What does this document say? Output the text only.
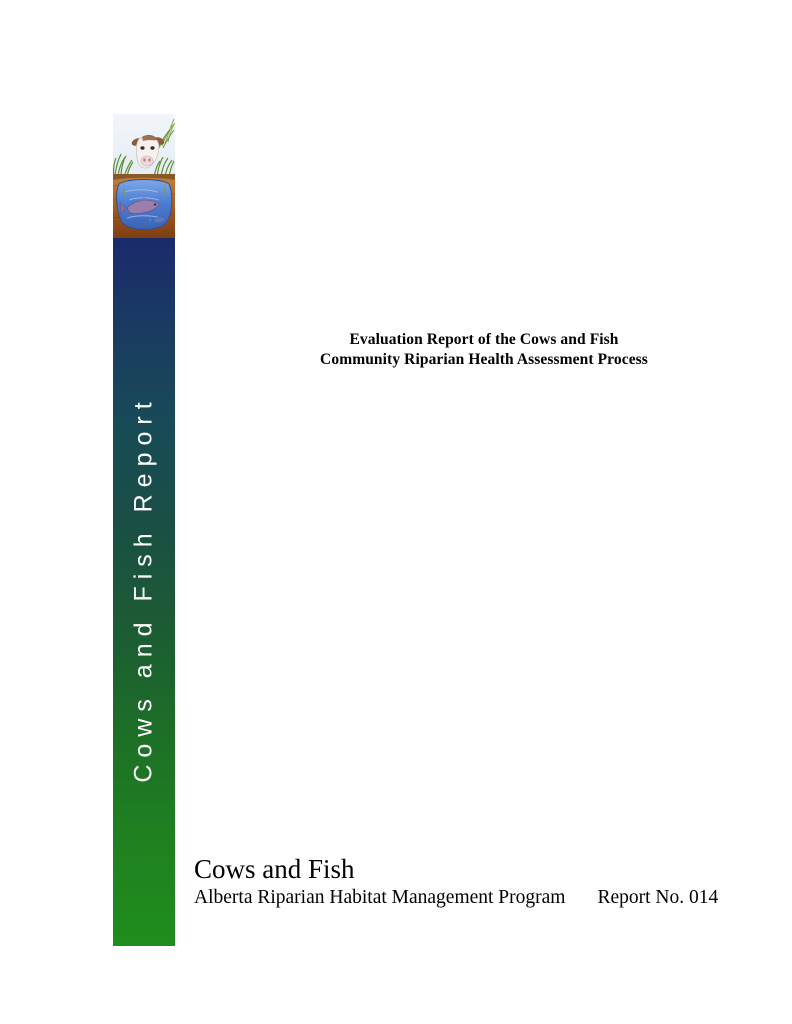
Cows and Fish Report
Evaluation Report of the Cows and Fish
Community Riparian Health Assessment Process
Cows and Fish
Alberta Riparian Habitat Management Program Report No. 014
